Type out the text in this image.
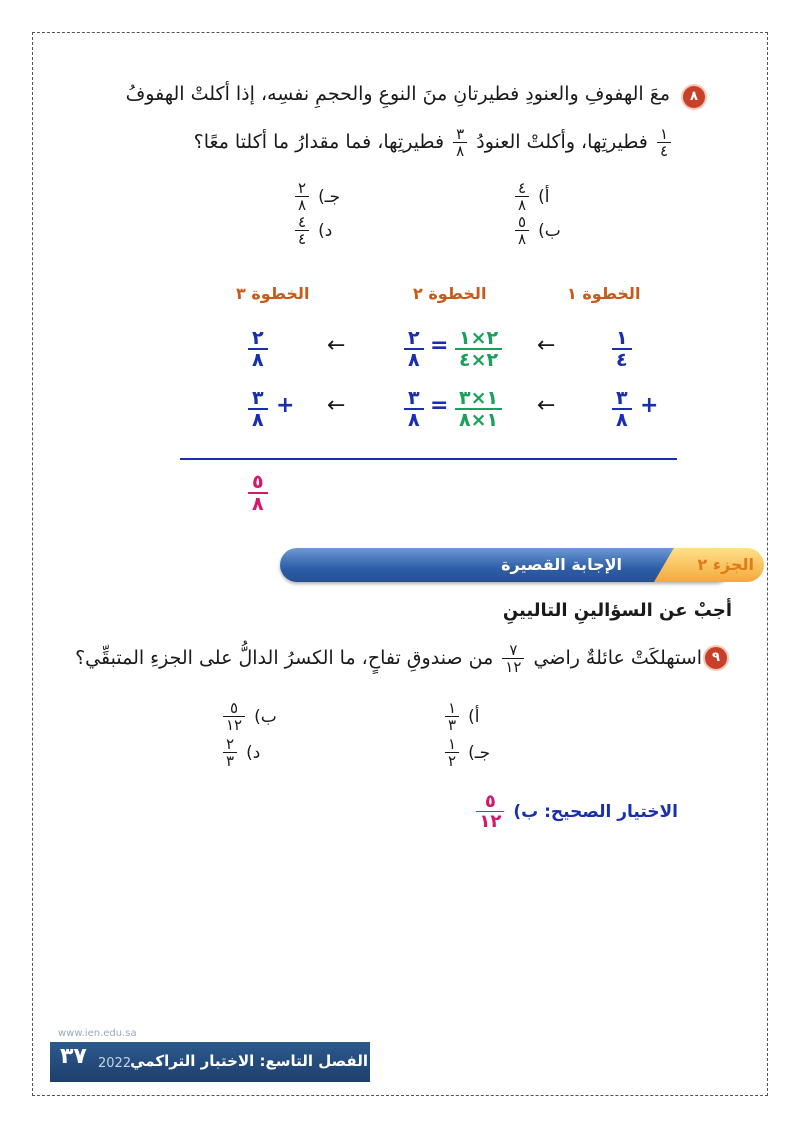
٨
معَ الهفوفِ والعنودِ فطيرتانِ منَ النوعِ والحجمِ نفسِه، إذا أكلتْ الهفوفُ
$\frac{١}{٤}$
فطيرتِها، وأكلتْ العنودُ
$\frac{٣}{٨}$
فطيرتِها، فما مقدارُ ما أكلتا معًا؟
أ)
$\frac{٤}{٨}$
ب)
$\frac{٥}{٨}$
جـ)
$\frac{٢}{٨}$
د)
$\frac{٤}{٤}$
الخطوة ١
الخطوة ٢
الخطوة ٣
١
٤
←
٢×١
٢×٤
=
٢
٨
←
٢
٨
+
٣
٨
←
١×٣
١×٨
=
٣
٨
←
+
٣
٨
٥
٨
الجزء ٢
الإجابة القصيرة
أجبْ عن السؤالينِ التاليينِ
٩
استهلكَتْ عائلةٌ راضي
$\frac{٧}{١٢}$
من صندوقِ تفاحٍ، ما الكسرُ الدالُّ على الجزءِ المتبقِّي؟
أ)
$\frac{١}{٣}$
ب)
$\frac{٥}{١٢}$
جـ)
$\frac{١}{٢}$
د)
$\frac{٢}{٣}$
الاختيار الصحيح: ب)
$\frac{٥}{١٢}$
www.ien.edu.sa
٣٧ 2022 الفصل التاسع: الاختبار التراكمي
